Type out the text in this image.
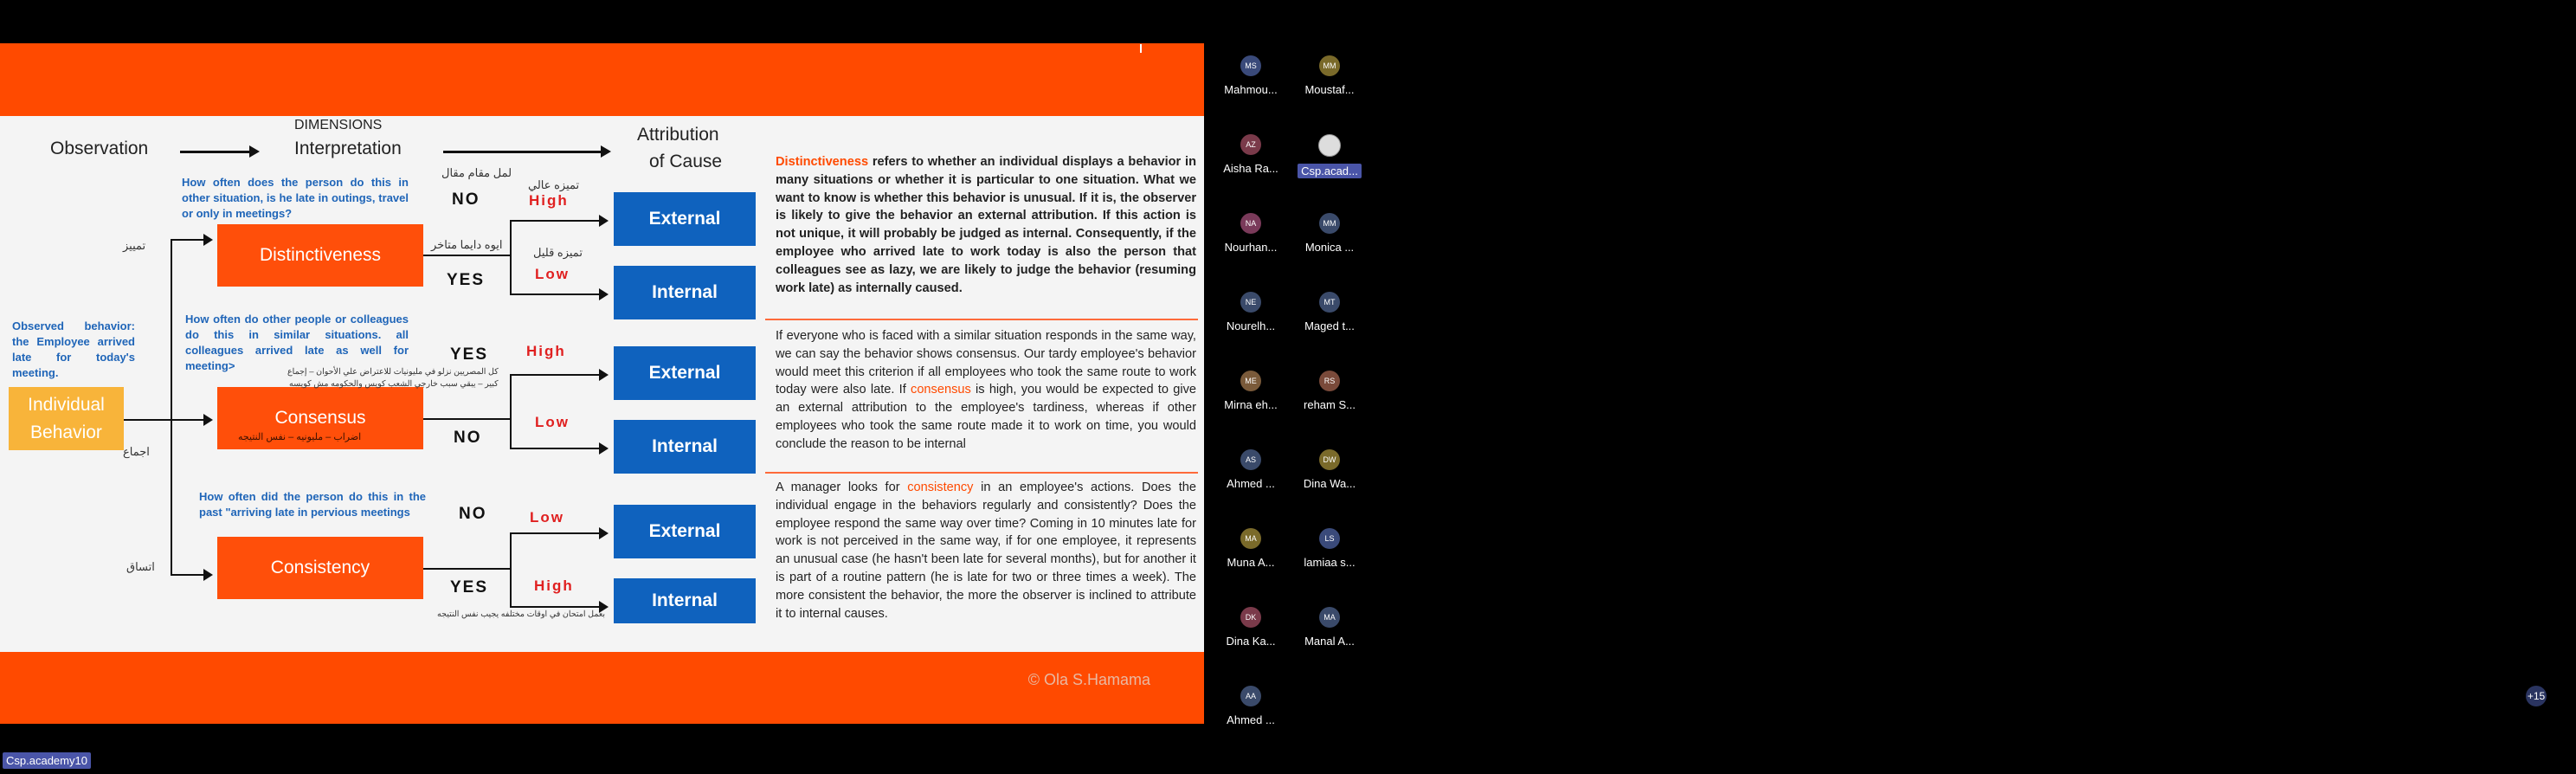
Observation
DIMENSIONS
Interpretation
Attribution
of Cause
Observed behavior: the Employee arrived late for today's meeting.
Individual
Behavior
تمييز
اجماع
اتساق
How often does the person do this in other situation, is he late in outings, travel or only in meetings?
How often do other people or colleagues do this in similar situations. all colleagues arrived late as well for meeting>
How often did the person do this in the past "arriving late in pervious meetings
Distinctiveness
Consensus
Consistency
لمل مقام مقال
ايوه دايما متاخر
تميزه عالي
تميزه قليل
كل المصريين نزلو في مليونيات للاعتراض علي الأحوان – إجماع
كبير – يبقي سبب خارجي الشعب كويس والحكومه مش كويسه
اضراب – مليونيه – نفس النتيجه
بعمل امتحان في اوقات مختلفه يجيب نفس النتيجه
NO
YES
YES
NO
NO
YES
High
Low
High
Low
Low
High
External
Internal
External
Internal
External
Internal
Distinctiveness refers to whether an individual displays a behavior in many situations or whether it is particular to one situation. What we want to know is whether this behavior is unusual. If it is, the observer is likely to give the behavior an external attribution. If this action is not unique, it will probably be judged as internal. Consequently, if the employee who arrived late to work today is also the person that colleagues see as lazy, we are likely to judge the behavior (resuming work late) as internally caused.
If everyone who is faced with a similar situation responds in the same way, we can say the behavior shows consensus. Our tardy employee's behavior would meet this criterion if all employees who took the same route to work today were also late. If consensus is high, you would be expected to give an external attribution to the employee's tardiness, whereas if other employees who took the same route made it to work on time, you would conclude the reason to be internal
A manager looks for consistency in an employee's actions. Does the individual engage in the behaviors regularly and consistently? Does the employee respond the same way over time? Coming in 10 minutes late for work is not perceived in the same way, if for one employee, it represents an unusual case (he hasn't been late for several months), but for another it is part of a routine pattern (he is late for two or three times a week). The more consistent the behavior, the more the observer is inclined to attribute it to internal causes.
© Ola S.Hamama
+15
Csp.academy10
MS
Mahmou...
MM
Moustaf...
AZ
Aisha Ra...	Csp.acad...
NA
Nourhan...
MM
Monica ...
NE
Nourelh...
MT
Maged t...
ME
Mirna eh...
RS
reham S...
AS
Ahmed ...
DW
Dina Wa...
MA
Muna A...
LS
lamiaa s...
DK
Dina Ka...
MA
Manal A...
AA
Ahmed ...
